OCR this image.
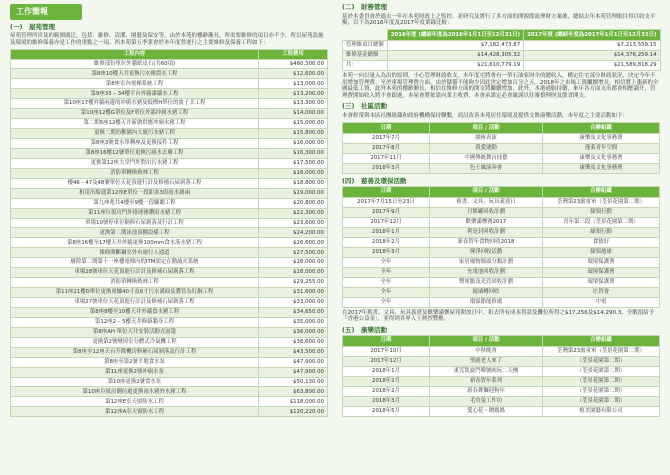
工作簡報
(一)　屋苑管理
屋苑管理所涉及的範圍廣泛，包括：維修、清潔、園藝及保安等，由於本苑的樓齡漸長，所需要維修的項目亦不少，所以屋苑設施及環境的維修保養亦是工作的重點之一項。西本苑第五季業會於本年度曾進行之主要維修及保養工程如下：
工程內容	工程費用
維修部份單位外牆紙皮石(共60項)	$460,300.00
第8座10樓天井更換污水豬淵水工程	$12,600.00
第8座室內電梯系統工程	$13,000.00
第9座33 – 34樓平台外牆漆牆水工程	$13,200.00
第10座17樓外牆兩邊的冲廁水豬及低標H單位的波子幸工程	$13,300.00
第10座12樓G單位及F單位外牆冲廁水豬工程	$14,000.00
第二期5座12樓天井新做供應冲廁水豬工程	$15,000.00
更換二期幼稚園內大廈污水豬工程	$15,800.00
第8座3號食水單轉座及更換接件工程	$16,000.00
第8座16樓12號單位更換污廁水去廢工程	$16,300.00
更換第12座大堂門外對出污水豬工程	$17,500.00
消防單轉換軌林工程	$18,000.00
樓46 - 47及48號單位天花頂邊行計及修補石屎剝落工程	$18,800.00
租用吊船通第12座E單位一段距塞3街雨水豬兩	$19,000.00
第九座兆共4樓至9樓一段顧聽工程	$20,800.00
第11座垃圾房門外排運豬鑽雨水豬工程	$22,300.00
車場10號停車位隔修石屎剝落及行計工程	$23,600.00
更換第二期泳池頂棚設備工程	$24,200.00
第8座16樓至17樓天井外牆更換100mm食水落水豬工程	$26,600.00
維修開斷鋼室外有窗行人通道	$27,500.00
廢除第二期第十一座樓電梯內的ITM固定在動滅火系統	$28,000.00
車場28號車位天花頂進行計計及修補石屎剝落工程	$28,000.00
消防單轉換軌林工程	$29,255.00
第11座21樓D單位更換電爐40寸及6寸污水溝曲及糞管為紅銅工程	$31,600.00
車場27號車位天花頂進行計計及修補石屎剝落工程	$33,000.00
第8座8樓至10樓天井外牆食水豬工程	$34,650.00
第12座2 – 5樓天井修繕牆身工程	$35,000.00
第8座AH 單位天井安裝活動式雨篷	$36,000.00
更換第2號變掉室分體式冷氣機工程	$38,600.00
第8座至12座天台升降機房修補石屎剝落及行計工程	$43,500.00
第8座至第2號平地食水泵	$47,900.00
第11座更換2號冲廁水泵	$47,900.00
第10座更換2號食水泵	$50,130.00
第10座垃圾房側位處更換雨水豬外水豬工程	$63,800.00
第12座E室天窗防水工程	$118,000.00
第12座A室天窗防水工程	$120,220.00
(二)　財務管理
基於本委員會於過去一年在本苑財政上之監控，並研究及實行了多方面的開源節流理財方案後，總結去年本苑管理賬目得以收支平衡，以下為2016年度及2017年度業錄比較：
	2016年度 (總結年度為2016年1月1日至12月31日)	2017年度 (總結年度為2017年1月1日至12月31日)
管理維項目總額	$7,182,473.87	$7,213,559.15
維修基金總額	$14,428,305.32	$14,376,259.14
共：	$21,610,779.19	$21,589,818.29
本苑一向以量入為出的原則，小心管理財政收支。本年度宅將會有一筆石油家財全的總收入，構定住宅部分財政狀況，決定今年不用增加管理費。至於車場管理費方面，由於儲備不能夠少因此決定增加百分之五。2018年之市場工資繼續增長，相信將上漲新的全國最低工資，此外本苑的樓齡漸長，相信在維修方面的開支將繼續增加，此外，本港通脹持續，來年各方面支出都會相應調升，管理費開始收入將不會跟進。本屋會將依靠向業主收費，本會承諾定必會嚴謹以往審慎理財及節省開支。
(三)　社區活動
本會經常與本區社團組織和政府機構保持聯繫，商討改善本苑居住環境及提供文娛康樂活動，本年度之主要活動如下：
日期	項目 / 活動	合辦組織
2017年7月	園術表演	康樂及文化事務署
2017年8月	我愛運動	蓬萊青年空間
2017年11月	中國傳統舞台技藝	康樂及文化事務署
2018年3月	色士風演奏會	康樂及文化事務署
(四)　慈善及環保活動
日期	項目 / 活動	合辦組織
2017年7月15日至23日	舊書、文具、玩具義賣日	荃灣第23旅童軍（荃景花園第二期）
2017年9月	月餅罐回收計劃	綠領行動
2017年12月	歡樂滿懷賽2017	青年第三段（荃景花園第二期）
2018年1月	利是封回收計劃	綠領行動
2018年2月	新春賀年食物回收2018	食德好
2018年3月	揮淨回收活動	綠領地球
全年	家居廢物源頭分類計劃	環境保護署
全年	充電池回收計劃	環境保護署
全年	慳電膽及光管回收計劃	環境保護署
全年	玻璃樽回收	匡智會
全年	環保節能推廣	中電
在2017年舊書、文具、玩具義賣及歡樂滿懷屋苑開放日中，扣去所有成本得款及攤位所得之$17,256及$14,290.3，全數捐給予「香港公益金」，並得到各界人士熱烈響應。
(五)　康樂活動
日期	項目 / 活動	合辦組織
2017年10月	中秋晚會	荃灣第23旅童軍（荃景花園第二期）
2017年12月	聖誕老人來了	（荃景花園第二期）
2018年1月	東莞凯旋門噶號純玩二天團	（荃景花園第二期）
2018年2月	新春賀年系列	（荃景花園第二期）
2018年2月	新春舞獅迎狗年	（荃景花園第二期）
2018年3月	毛巾兔工作坊	（荃景花園第二期）
2018年5月	愛心花・贈媽媽	植美園藝有限公司
